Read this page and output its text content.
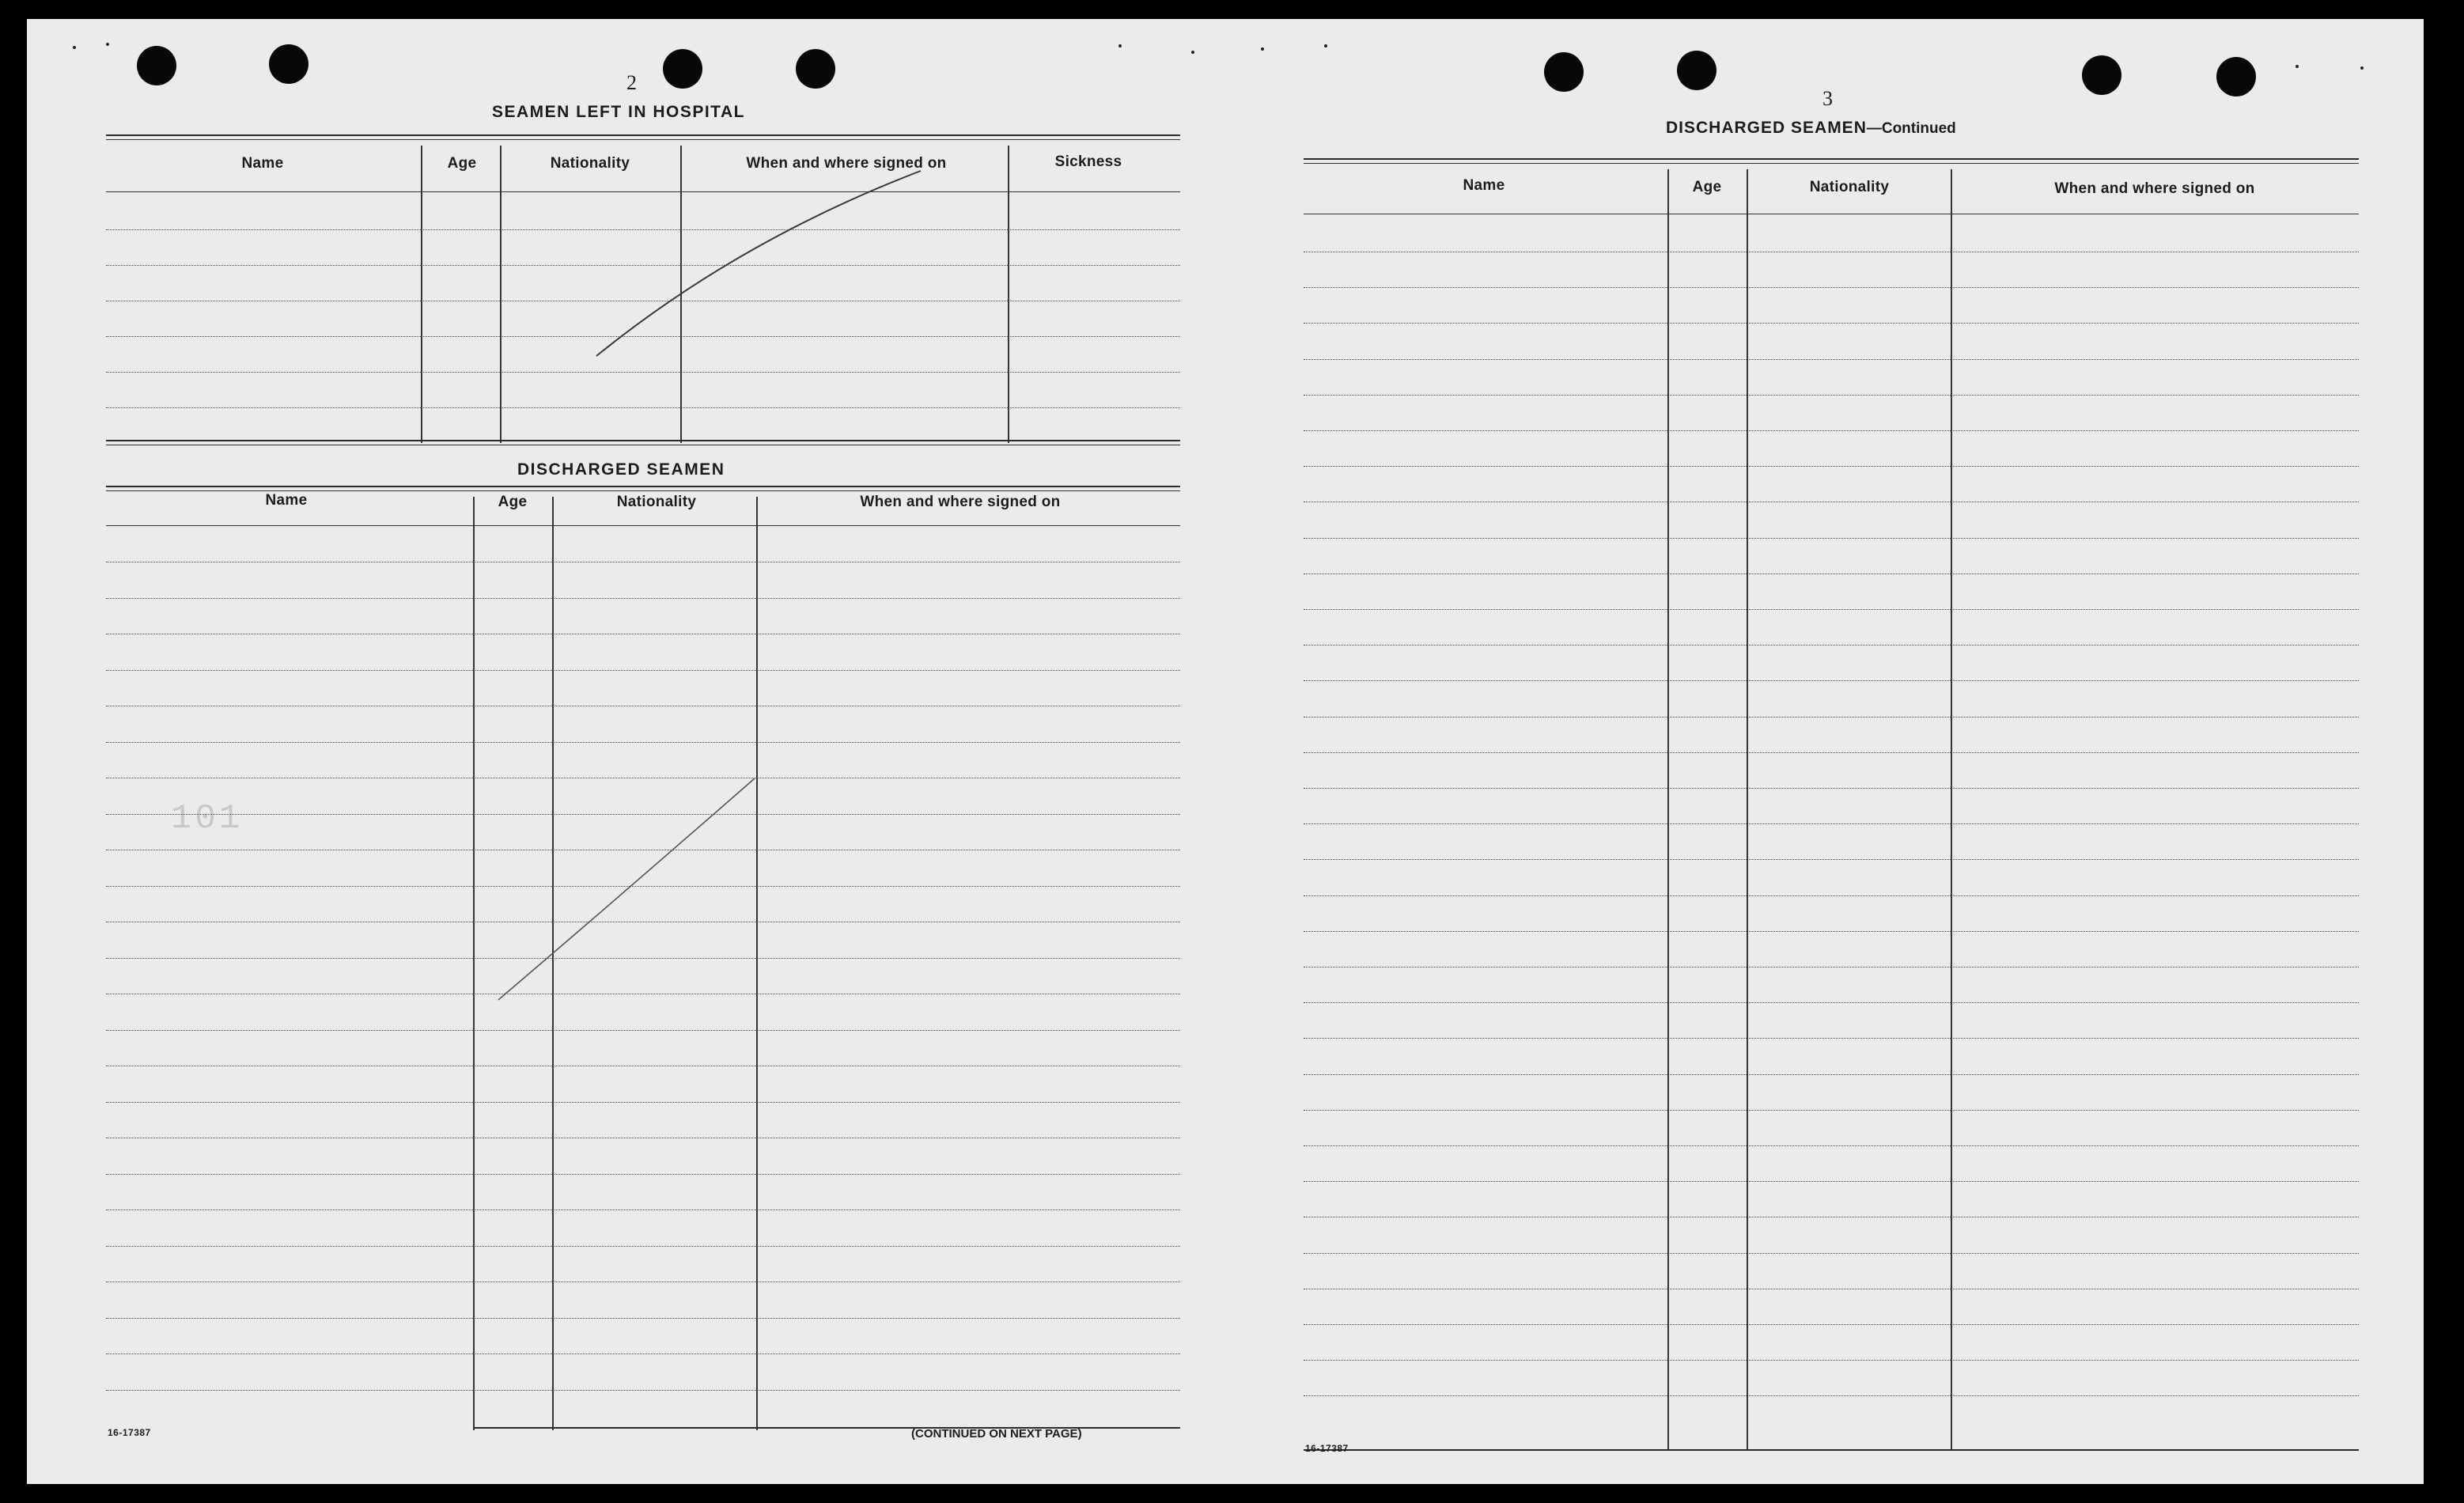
2
SEAMEN LEFT IN HOSPITAL
Name	Age	Nationality	When and where signed on	Sickness
DISCHARGED SEAMEN
Name	Age	Nationality	When and where signed on
101
16-17387	(CONTINUED ON NEXT PAGE)
3
DISCHARGED SEAMEN—Continued
Name	Age	Nationality	When and where signed on
16-17387
